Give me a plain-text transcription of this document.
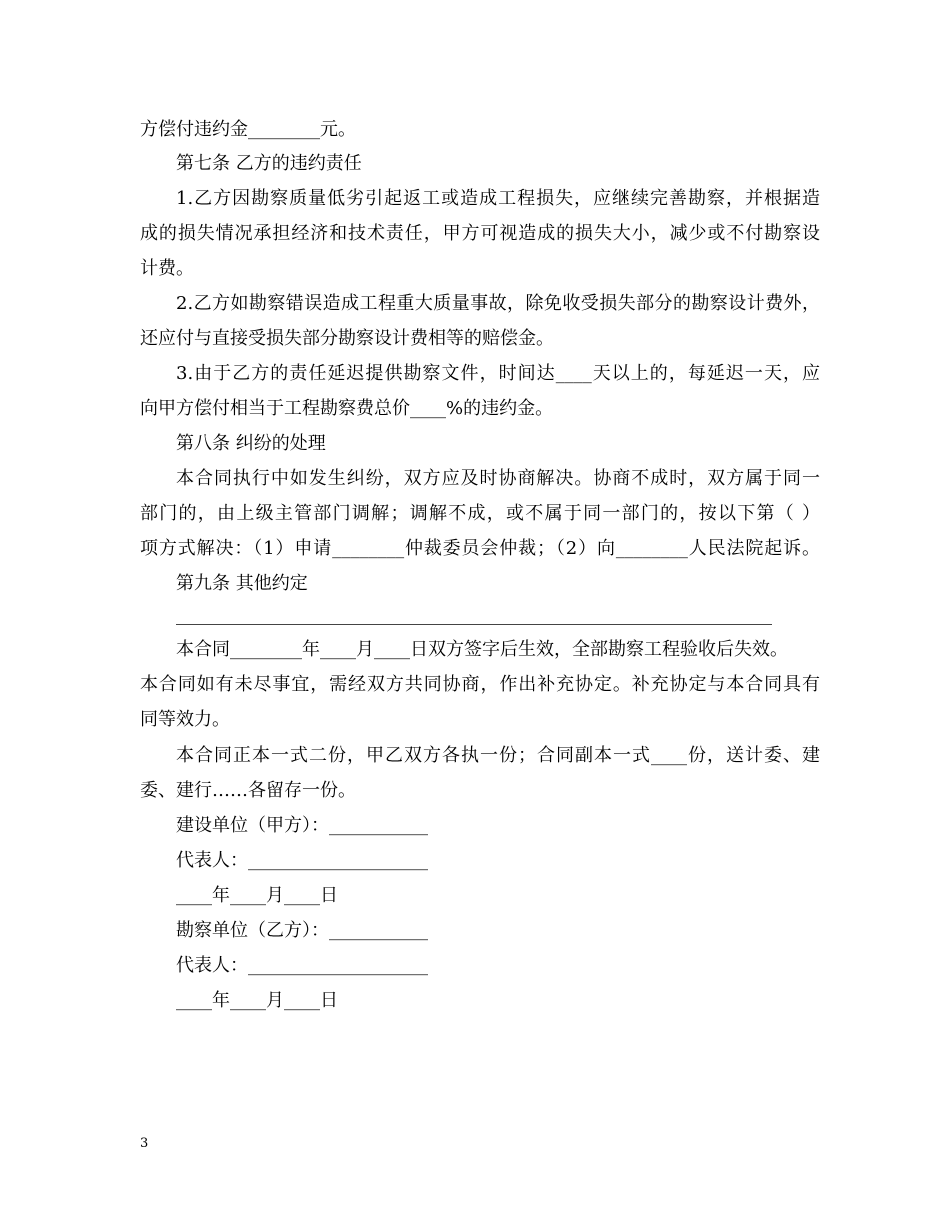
方偿付违约金________元。
第七条 乙方的违约责任
1.乙方因勘察质量低劣引起返工或造成工程损失，应继续完善勘察，并根据造
成的损失情况承担经济和技术责任，甲方可视造成的损失大小，减少或不付勘察设
计费。
2.乙方如勘察错误造成工程重大质量事故，除免收受损失部分的勘察设计费外，
还应付与直接受损失部分勘察设计费相等的赔偿金。
3.由于乙方的责任延迟提供勘察文件，时间达____天以上的，每延迟一天，应
向甲方偿付相当于工程勘察费总价____%的违约金。
第八条 纠纷的处理
本合同执行中如发生纠纷，双方应及时协商解决。协商不成时，双方属于同一
部门的，由上级主管部门调解；调解不成，或不属于同一部门的，按以下第（ ）
项方式解决：（1）申请________仲裁委员会仲裁；（2）向________人民法院起诉。
第九条 其他约定
本合同________年____月____日双方签字后生效，全部勘察工程验收后失效。
本合同如有未尽事宜，需经双方共同协商，作出补充协定。补充协定与本合同具有
同等效力。
本合同正本一式二份，甲乙双方各执一份；合同副本一式____份，送计委、建
委、建行……各留存一份。
建设单位（甲方）：___________
代表人：____________________
____年____月____日
勘察单位（乙方）：___________
代表人：____________________
____年____月____日
3
